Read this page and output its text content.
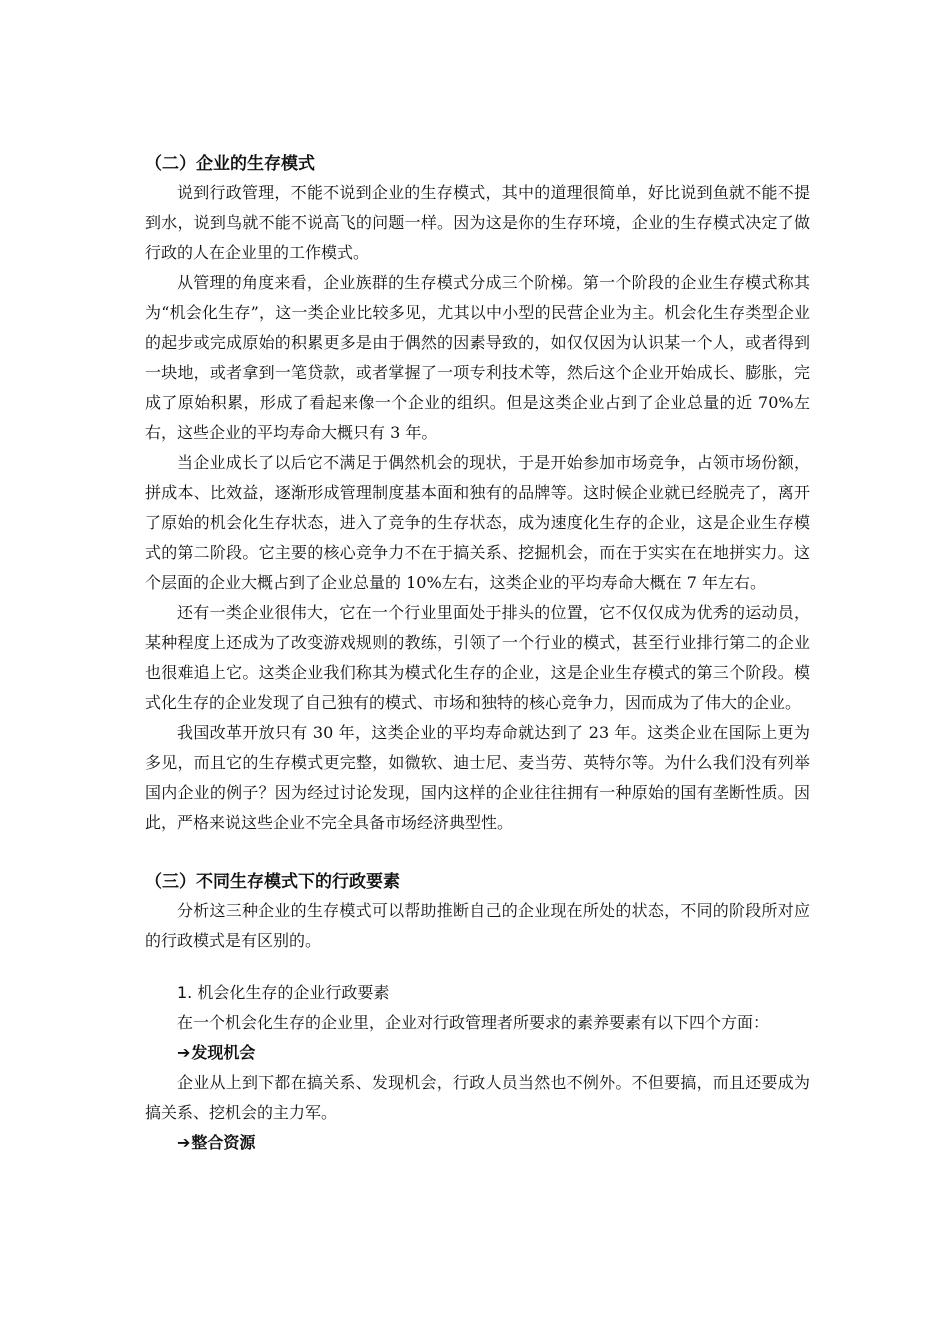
（二）企业的生存模式

说到行政管理，不能不说到企业的生存模式，其中的道理很简单，好比说到鱼就不能不提到水，说到鸟就不能不说高飞的问题一样。因为这是你的生存环境，企业的生存模式决定了做行政的人在企业里的工作模式。

从管理的角度来看，企业族群的生存模式分成三个阶梯。第一个阶段的企业生存模式称其为“机会化生存”，这一类企业比较多见，尤其以中小型的民营企业为主。机会化生存类型企业的起步或完成原始的积累更多是由于偶然的因素导致的，如仅仅因为认识某一个人，或者得到一块地，或者拿到一笔贷款，或者掌握了一项专利技术等，然后这个企业开始成长、膨胀，完成了原始积累，形成了看起来像一个企业的组织。但是这类企业占到了企业总量的近 70%左右，这些企业的平均寿命大概只有 3 年。

当企业成长了以后它不满足于偶然机会的现状，于是开始参加市场竞争，占领市场份额，拼成本、比效益，逐渐形成管理制度基本面和独有的品牌等。这时候企业就已经脱壳了，离开了原始的机会化生存状态，进入了竞争的生存状态，成为速度化生存的企业，这是企业生存模式的第二阶段。它主要的核心竞争力不在于搞关系、挖掘机会，而在于实实在在地拼实力。这个层面的企业大概占到了企业总量的 10%左右，这类企业的平均寿命大概在 7 年左右。

还有一类企业很伟大，它在一个行业里面处于排头的位置，它不仅仅成为优秀的运动员，某种程度上还成为了改变游戏规则的教练，引领了一个行业的模式，甚至行业排行第二的企业也很难追上它。这类企业我们称其为模式化生存的企业，这是企业生存模式的第三个阶段。模式化生存的企业发现了自己独有的模式、市场和独特的核心竞争力，因而成为了伟大的企业。

我国改革开放只有 30 年，这类企业的平均寿命就达到了 23 年。这类企业在国际上更为多见，而且它的生存模式更完整，如微软、迪士尼、麦当劳、英特尔等。为什么我们没有列举国内企业的例子？因为经过讨论发现，国内这样的企业往往拥有一种原始的国有垄断性质。因此，严格来说这些企业不完全具备市场经济典型性。

（三）不同生存模式下的行政要素

分析这三种企业的生存模式可以帮助推断自己的企业现在所处的状态，不同的阶段所对应的行政模式是有区别的。

1. 机会化生存的企业行政要素

在一个机会化生存的企业里，企业对行政管理者所要求的素养要素有以下四个方面：

➔发现机会

企业从上到下都在搞关系、发现机会，行政人员当然也不例外。不但要搞，而且还要成为搞关系、挖机会的主力军。

➔整合资源
